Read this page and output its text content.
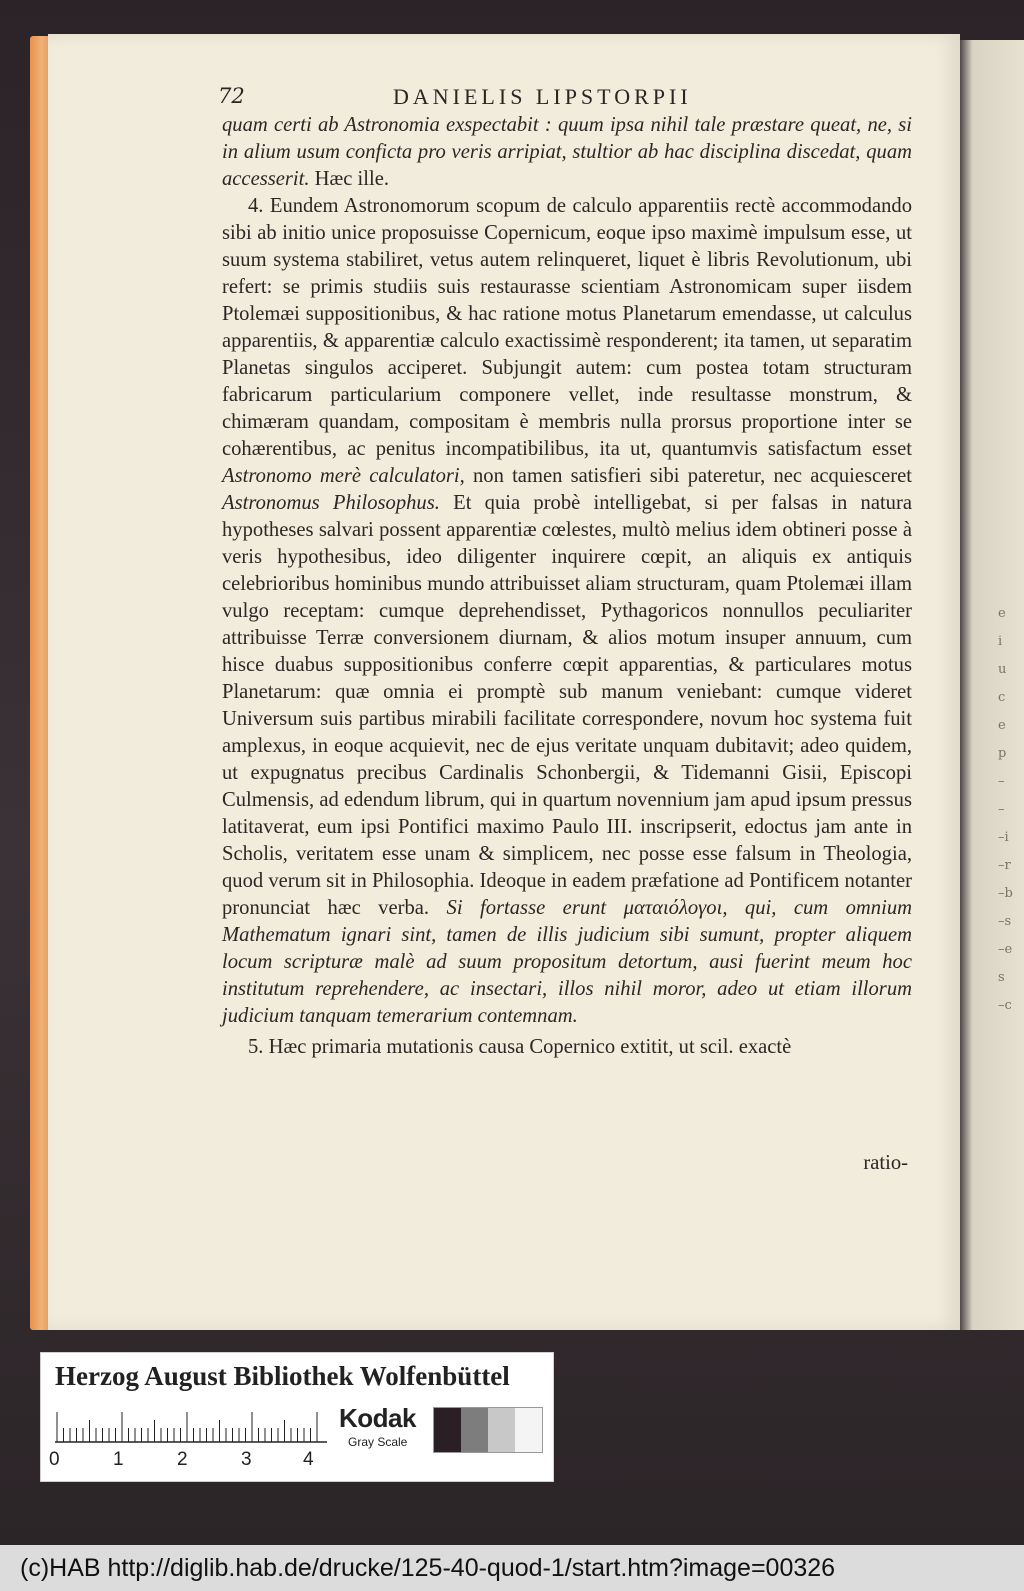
e
i
u
c
e
p
–
–
–i
–r
–b
–s
–e
s
–c
72	DANIELIS LIPSTORPII

quam certi ab Astronomia exspectabit : quum ipsa nihil tale præstare queat, ne, si in alium usum conficta pro veris arripiat, stultior ab hac disciplina discedat, quam accesserit. Hæc ille.

4. Eundem Astronomorum scopum de calculo apparentiis rectè accommodando sibi ab initio unice proposuisse Copernicum, eoque ipso maximè impulsum esse, ut suum systema stabiliret, vetus autem relinqueret, liquet è libris Revolutionum, ubi refert: se primis studiis suis restaurasse scientiam Astronomicam super iisdem Ptolemæi suppositionibus, & hac ratione motus Planetarum emendasse, ut calculus apparentiis, & apparentiæ calculo exactissimè responderent; ita tamen, ut separatim Planetas singulos acciperet. Subjungit autem: cum postea totam structuram fabricarum particularium componere vellet, inde resultasse monstrum, & chimæram quandam, compositam è membris nulla prorsus proportione inter se cohærentibus, ac penitus incompatibilibus, ita ut, quantumvis satisfactum esset Astronomo merè calculatori, non tamen satisfieri sibi pateretur, nec acquiesceret Astronomus Philosophus. Et quia probè intelligebat, si per falsas in natura hypotheses salvari possent apparentiæ cœlestes, multò melius idem obtineri posse à veris hypothesibus, ideo diligenter inquirere cœpit, an aliquis ex antiquis celebrioribus hominibus mundo attribuisset aliam structuram, quam Ptolemæi illam vulgo receptam: cumque deprehendisset, Pythagoricos nonnullos peculiariter attribuisse Terræ conversionem diurnam, & alios motum insuper annuum, cum hisce duabus suppositionibus conferre cœpit apparentias, & particulares motus Planetarum: quæ omnia ei promptè sub manum veniebant: cumque videret Universum suis partibus mirabili facilitate correspondere, novum hoc systema fuit amplexus, in eoque acquievit, nec de ejus veritate unquam dubitavit; adeo quidem, ut expugnatus precibus Cardinalis Schonbergii, & Tidemanni Gisii, Episcopi Culmensis, ad edendum librum, qui in quartum novennium jam apud ipsum pressus latitaverat, eum ipsi Pontifici maximo Paulo III. inscripserit, edoctus jam ante in Scholis, veritatem esse unam & simplicem, nec posse esse falsum in Theologia, quod verum sit in Philosophia. Ideoque in eadem præfatione ad Pontificem notanter pronunciat hæc verba. Si fortasse erunt ματαιόλογοι, qui, cum omnium Mathematum ignari sint, tamen de illis judicium sibi sumunt, propter aliquem locum scripturæ malè ad suum propositum detortum, ausi fuerint meum hoc institutum reprehendere, ac insectari, illos nihil moror, adeo ut etiam illorum judicium tanquam temerarium contemnam.

5. Hæc primaria mutationis causa Copernico extitit, ut scil. exactè

ratio-
Herzog August Bibliothek Wolfenbüttel
0	1	2	3	4
Kodak
Gray Scale
(c)HAB http://diglib.hab.de/drucke/125-40-quod-1/start.htm?image=00326
